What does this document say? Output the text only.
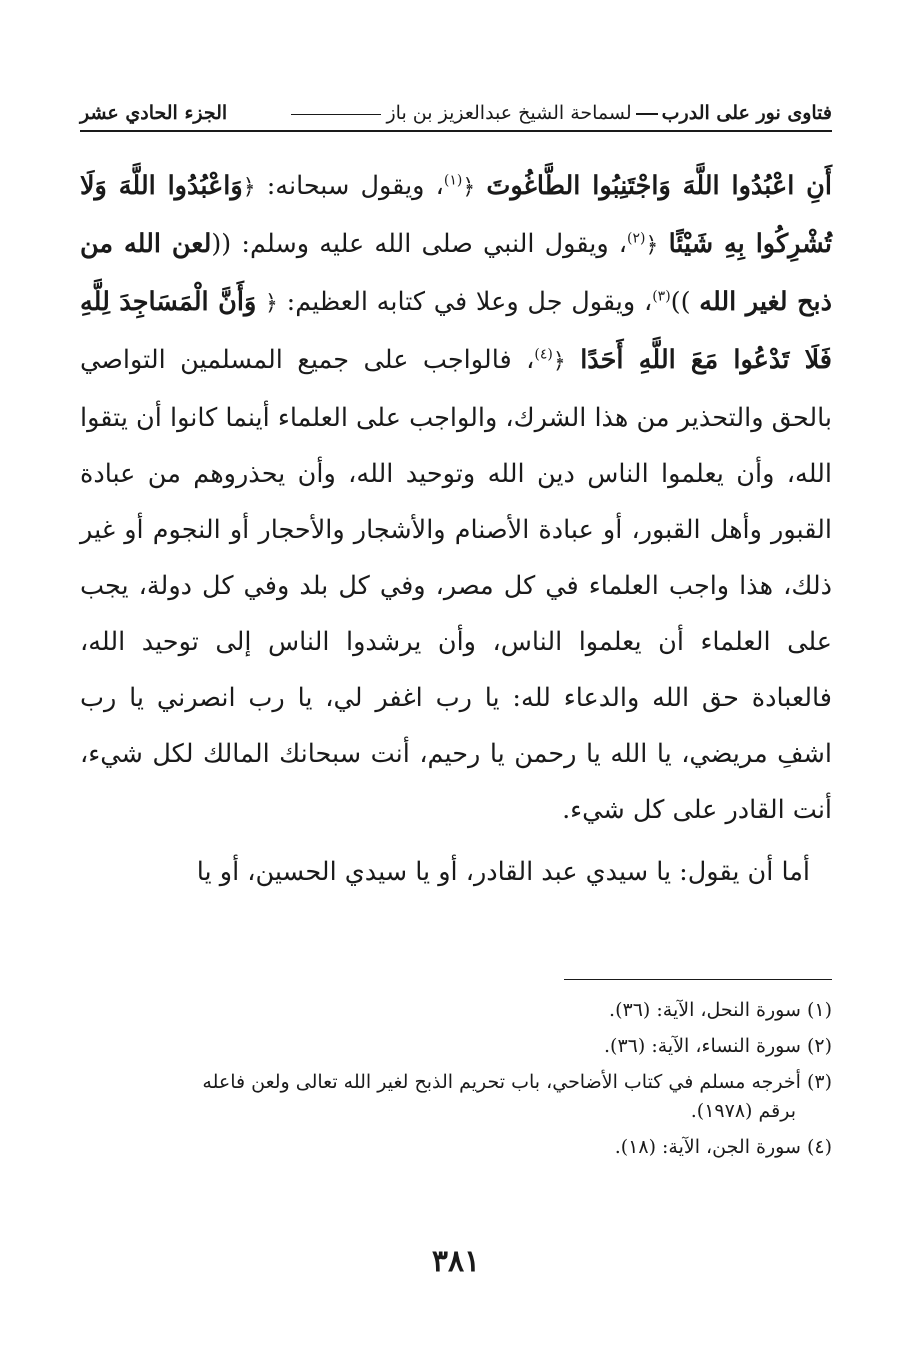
فتاوى نور على الدربلسماحة الشيخ عبدالعزيز بن باز
الجزء الحادي عشر

أَنِ اعْبُدُوا اللَّهَ وَاجْتَنِبُوا الطَّاغُوتَ ﴿$^{(١)}$، ويقول سبحانه: ﴿وَاعْبُدُوا اللَّهَ وَلَا تُشْرِكُوا بِهِ شَيْئًا ﴿$^{(٢)}$، ويقول النبي صلى الله عليه وسلم: ((لعن الله من ذبح لغير الله ))$^{(٣)}$، ويقول جل وعلا في كتابه العظيم: ﴿ وَأَنَّ الْمَسَاجِدَ لِلَّهِ فَلَا تَدْعُوا مَعَ اللَّهِ أَحَدًا ﴿$^{(٤)}$، فالواجب على جميع المسلمين التواصي بالحق والتحذير من هذا الشرك، والواجب على العلماء أينما كانوا أن يتقوا الله، وأن يعلموا الناس دين الله وتوحيد الله، وأن يحذروهم من عبادة القبور وأهل القبور، أو عبادة الأصنام والأشجار والأحجار أو النجوم أو غير ذلك، هذا واجب العلماء في كل مصر، وفي كل بلد وفي كل دولة، يجب على العلماء أن يعلموا الناس، وأن يرشدوا الناس إلى توحيد الله، فالعبادة حق الله والدعاء لله: يا رب اغفر لي، يا رب انصرني يا رب اشفِ مريضي، يا الله يا رحمن يا رحيم، أنت سبحانك المالك لكل شيء، أنت القادر على كل شيء.

أما أن يقول: يا سيدي عبد القادر، أو يا سيدي الحسين، أو يا

(١) سورة النحل، الآية: (٣٦).
(٢) سورة النساء، الآية: (٣٦).
(٣) أخرجه مسلم في كتاب الأضاحي، باب تحريم الذبح لغير الله تعالى ولعن فاعله
برقم (١٩٧٨).
(٤) سورة الجن، الآية: (١٨).
٣٨١
